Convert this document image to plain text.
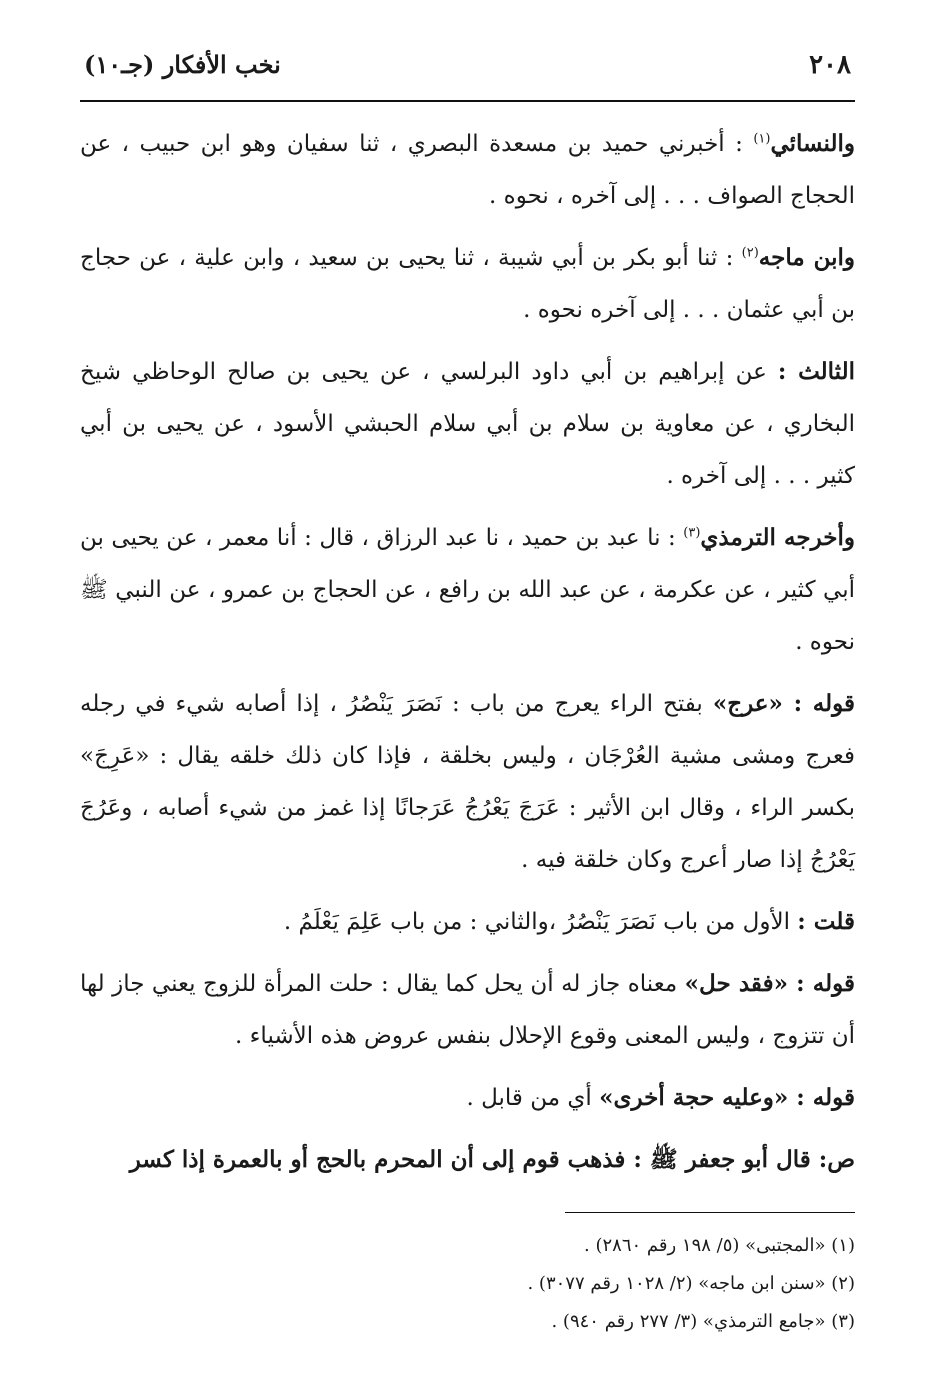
٢٠٨
نخب الأفكار (جـ١٠)

والنسائي$^{(١)}$ : أخبرني حميد بن مسعدة البصري ، ثنا سفيان وهو ابن حبيب ، عن الحجاج الصواف . . . إلى آخره ، نحوه .

وابن ماجه$^{(٢)}$ : ثنا أبو بكر بن أبي شيبة ، ثنا يحيى بن سعيد ، وابن علية ، عن حجاج بن أبي عثمان . . . إلى آخره نحوه .

الثالث : عن إبراهيم بن أبي داود البرلسي ، عن يحيى بن صالح الوحاظي شيخ البخاري ، عن معاوية بن سلام بن أبي سلام الحبشي الأسود ، عن يحيى بن أبي كثير . . . إلى آخره .

وأخرجه الترمذي$^{(٣)}$ : نا عبد بن حميد ، نا عبد الرزاق ، قال : أنا معمر ، عن يحيى بن أبي كثير ، عن عكرمة ، عن عبد الله بن رافع ، عن الحجاج بن عمرو ، عن النبي ﷺ نحوه .

قوله : «عرج» بفتح الراء يعرج من باب : نَصَرَ يَنْصُرُ ، إذا أصابه شيء في رجله فعرج ومشى مشية العُرْجَان ، وليس بخلقة ، فإذا كان ذلك خلقه يقال : «عَرِجَ» بكسر الراء ، وقال ابن الأثير : عَرَجَ يَعْرُجُ عَرَجانًا إذا غمز من شيء أصابه ، وعَرُجَ يَعْرُجُ إذا صار أعرج وكان خلقة فيه .

قلت : الأول من باب نَصَرَ يَنْصُرُ ،والثاني : من باب عَلِمَ يَعْلَمُ .

قوله : «فقد حل» معناه جاز له أن يحل كما يقال : حلت المرأة للزوج يعني جاز لها أن تتزوج ، وليس المعنى وقوع الإحلال بنفس عروض هذه الأشياء .

قوله : «وعليه حجة أخرى» أي من قابل .

ص: قال أبو جعفر ﷺ : فذهب قوم إلى أن المحرم بالحج أو بالعمرة إذا كسر

(١) «المجتبى» (٥/ ١٩٨ رقم ٢٨٦٠) .

(٢) «سنن ابن ماجه» (٢/ ١٠٢٨ رقم ٣٠٧٧) .

(٣) «جامع الترمذي» (٣/ ٢٧٧ رقم ٩٤٠) .
